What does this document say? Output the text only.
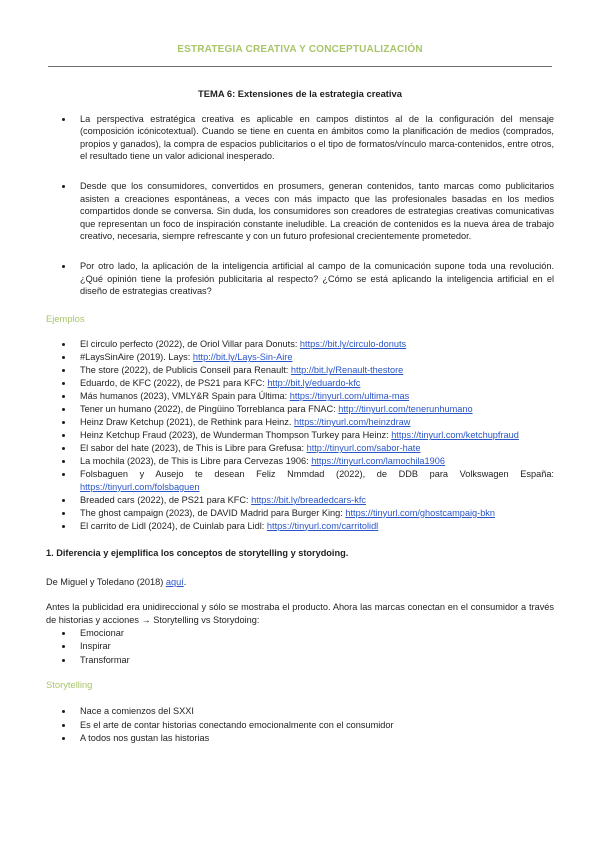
ESTRATEGIA CREATIVA Y CONCEPTUALIZACIÓN
TEMA 6: Extensiones de la estrategia creativa
La perspectiva estratégica creativa es aplicable en campos distintos al de la configuración del mensaje (composición icónicotextual). Cuando se tiene en cuenta en ámbitos como la planificación de medios (comprados, propios y ganados), la compra de espacios publicitarios o el tipo de formatos/vínculo marca-contenidos, entre otros, el resultado tiene un valor adicional inesperado.
Desde que los consumidores, convertidos en prosumers, generan contenidos, tanto marcas como publicitarios asisten a creaciones espontáneas, a veces con más impacto que las profesionales basadas en los medios compartidos donde se conversa. Sin duda, los consumidores son creadores de estrategias creativas comunicativas que representan un foco de inspiración constante ineludible. La creación de contenidos es la nueva área de trabajo creativo, necesaria, siempre refrescante y con un futuro profesional crecientemente prometedor.
Por otro lado, la aplicación de la inteligencia artificial al campo de la comunicación supone toda una revolución. ¿Qué opinión tiene la profesión publicitaria al respecto? ¿Cómo se está aplicando la inteligencia artificial en el diseño de estrategias creativas?
Ejemplos
El circulo perfecto (2022), de Oriol Villar para Donuts: https://bit.ly/circulo-donuts
#LaysSinAire (2019). Lays: http://bit.ly/Lays-Sin-Aire
The store (2022), de Publicis Conseil para Renault: http://bit.ly/Renault-thestore
Eduardo, de KFC (2022), de PS21 para KFC: http://bit.ly/eduardo-kfc
Más humanos (2023), VMLY&R Spain para Última: https://tinyurl.com/ultima-mas
Tener un humano (2022), de Pingüino Torreblanca para FNAC: http://tinyurl.com/tenerunhumano
Heinz Draw Ketchup (2021), de Rethink para Heinz. https://tinyurl.com/heinzdraw
Heinz Ketchup Fraud (2023), de Wunderman Thompson Turkey para Heinz: https://tinyurl.com/ketchupfraud
El sabor del hate (2023), de This is Libre para Grefusa: http://tinyurl.com/sabor-hate
La mochila (2023), de This is Libre para Cervezas 1906: https://tinyurl.com/lamochila1906
Folsbaguen y Ausejo te desean Feliz Nmmdad (2022), de DDB para Volkswagen España: https://tinyurl.com/folsbaguen
Breaded cars (2022), de PS21 para KFC: https://bit.ly/breadedcars-kfc
The ghost campaign (2023), de DAVID Madrid para Burger King: https://tinyurl.com/ghostcampaig-bkn
El carrito de Lidl (2024), de Cuinlab para Lidl: https://tinyurl.com/carritolidl
1. Diferencia y ejemplifica los conceptos de storytelling y storydoing.
De Miguel y Toledano (2018) aquí.
Antes la publicidad era unidireccional y sólo se mostraba el producto. Ahora las marcas conectan en el consumidor a través de historias y acciones → Storytelling vs Storydoing:
Emocionar
Inspirar
Transformar
Storytelling
Nace a comienzos del SXXI
Es el arte de contar historias conectando emocionalmente con el consumidor
A todos nos gustan las historias
